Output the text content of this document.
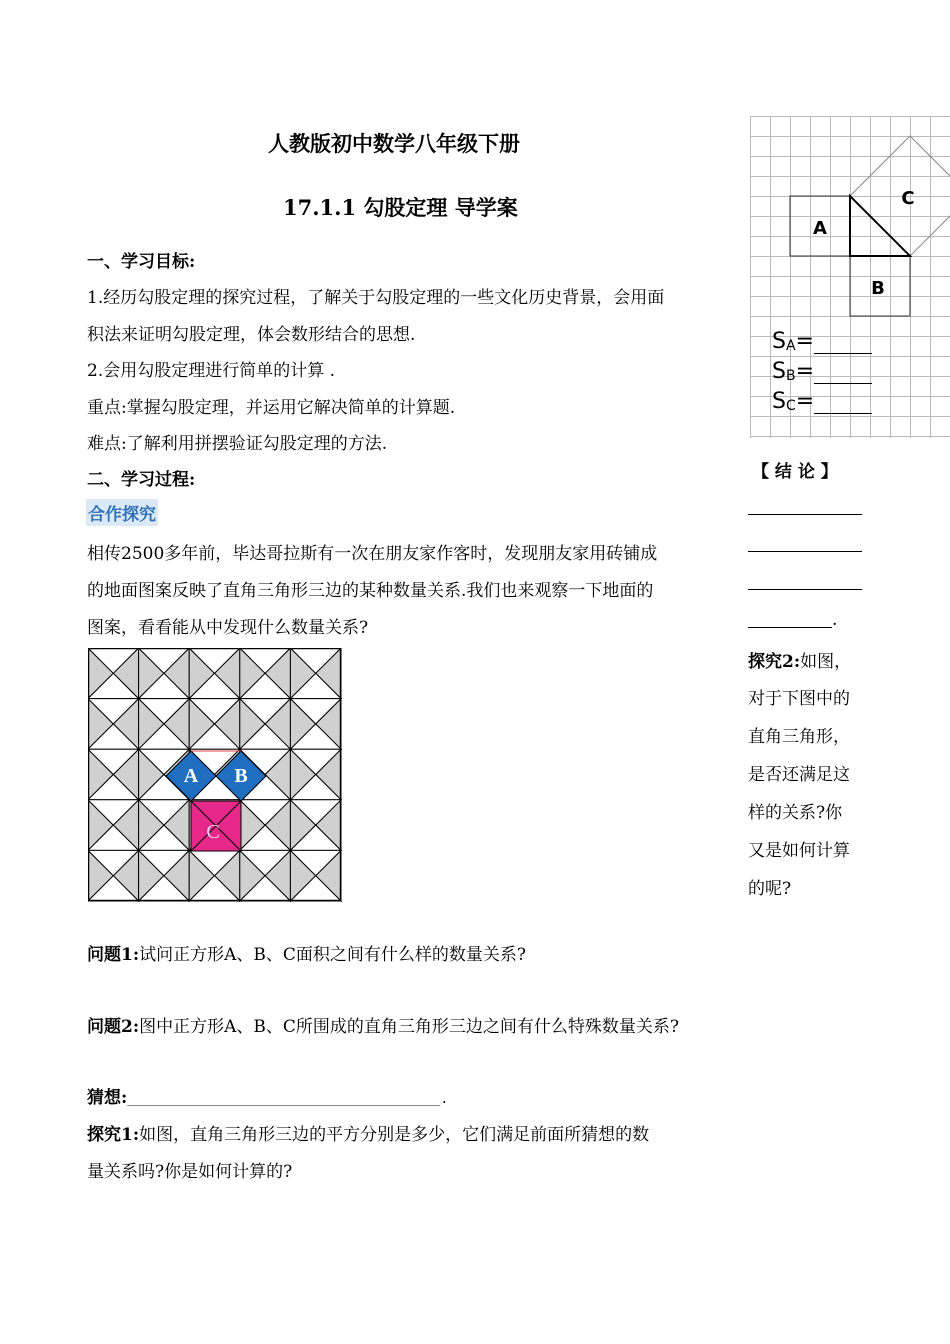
人教版初中数学八年级下册
17.1.1 勾股定理 导学案
一、学习目标:
1.经历勾股定理的探究过程，了解关于勾股定理的一些文化历史背景，会用面
积法来证明勾股定理，体会数形结合的思想.
2.会用勾股定理进行简单的计算 .
重点:掌握勾股定理，并运用它解决简单的计算题.
难点:了解利用拼摆验证勾股定理的方法.
二、学习过程:
合作探究
相传2500多年前，毕达哥拉斯有一次在朋友家作客时，发现朋友家用砖铺成
的地面图案反映了直角三角形三边的某种数量关系.我们也来观察一下地面的
图案，看看能从中发现什么数量关系?
A B
C
问题1:试问正方形A、B、C面积之间有什么样的数量关系?
问题2:图中正方形A、B、C所围成的直角三角形三边之间有什么特殊数量关系?
猜想:________________________________________.
探究1:如图，直角三角形三边的平方分别是多少，它们满足前面所猜想的数
量关系吗?你是如何计算的?
A
B
C
$S_A=$
$S_B=$
$S_C=$
【 结 论 】
.
探究2:如图，
对于下图中的
直角三角形，
是否还满足这
样的关系?你
又是如何计算
的呢?
